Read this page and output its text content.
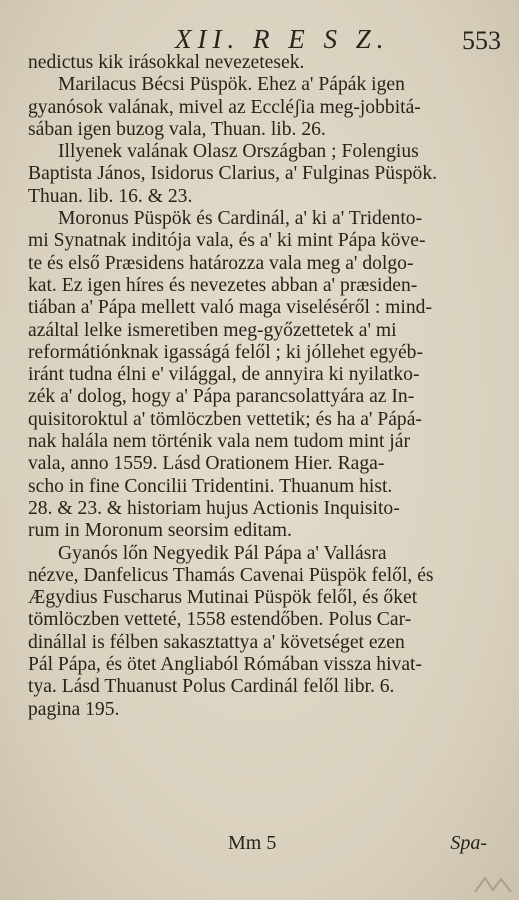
XII. R E S Z.	553
nedictus kik irásokkal nevezetesek.
Marilacus Bécsi Püspök. Ehez a' Pápák igen
gyanósok valának, mivel az Eccléʃia meg-jobbitá-
sában igen buzog vala, Thuan. lib. 26.
Illyenek valának Olasz Országban ; Folengius
Baptista János, Isidorus Clarius, a' Fulginas Püspök.
Thuan. lib. 16. & 23.
Moronus Püspök és Cardinál, a' ki a' Tridento-
mi Synatnak inditója vala, és a' ki mint Pápa köve-
te és első Præsidens határozza vala meg a' dolgo-
kat. Ez igen híres és nevezetes abban a' præsiden-
tiában a' Pápa mellett való maga viseléséről : mind-
azáltal lelke ismeretiben meg-győzettetek a' mi
reformátiónknak igasságá felől ; ki jóllehet egyéb-
iránt tudna élni e' világgal, de annyira ki nyilatko-
zék a' dolog, hogy a' Pápa parancsolattyára az In-
quisitoroktul a' tömlöczben vettetik; és ha a' Pápá-
nak halála nem történik vala nem tudom mint jár
vala, anno 1559. Lásd Orationem Hier. Raga-
scho in fine Concilii Tridentini. Thuanum hist.
28. & 23. & historiam hujus Actionis Inquisito-
rum in Moronum seorsim editam.
Gyanós lőn Negyedik Pál Pápa a' Vallásra
nézve, Danfelicus Thamás Cavenai Püspök felől, és
Ægydius Fuscharus Mutinai Püspök felől, és őket
tömlöczben vetteté, 1558 estendőben. Polus Car-
dinállal is félben sakasztattya a' követséget ezen
Pál Pápa, és ötet Angliaból Rómában vissza hivat-
tya. Lásd Thuanust Polus Cardinál felől libr. 6.
pagina 195.
Mm 5	Spa-
